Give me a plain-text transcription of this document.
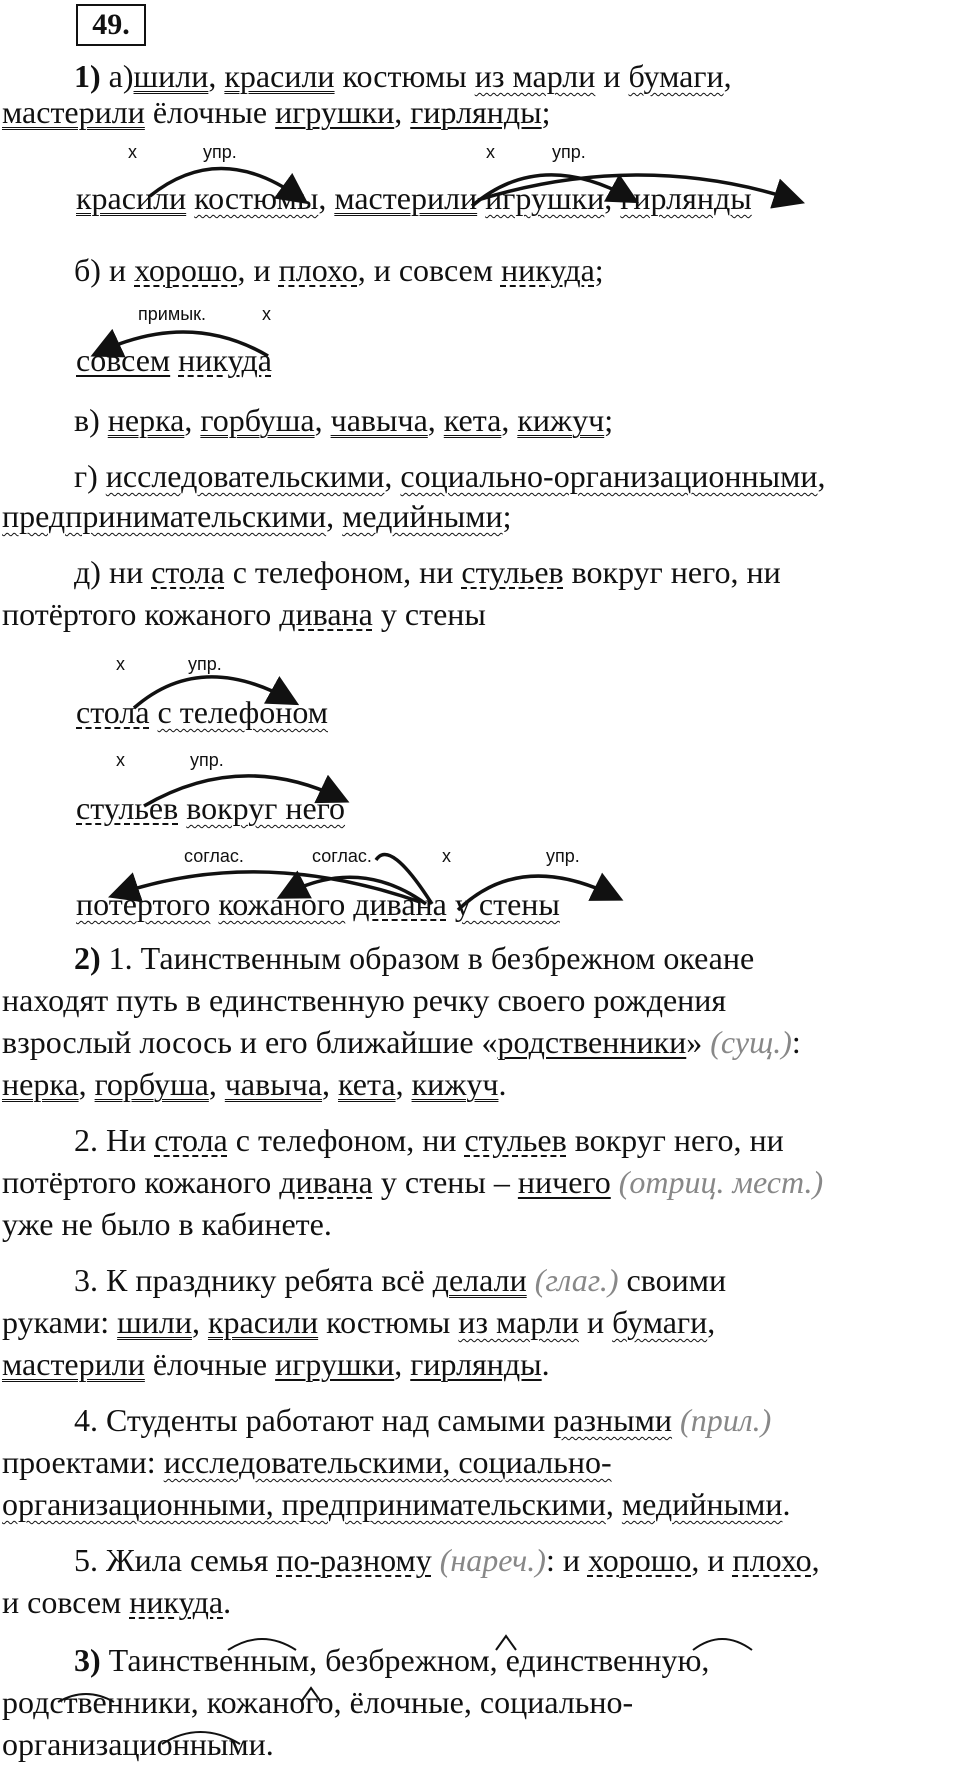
49.
1) а)шили, красили костюмы из марли и бумаги,
мастерили ёлочные игрушки, гирлянды;
красили костюмы, мастерили игрушки, гирлянды
х	упр.	х	упр.
б) и хорошо, и плохо, и совсем никуда;
совсем никуда
примык.	х
в) нерка, горбуша, чавыча, кета, кижуч;
г) исследовательскими, социально-организационными,
предпринимательскими, медийными;
д) ни стола с телефоном, ни стульев вокруг него, ни
потёртого кожаного дивана у стены
стола с телефоном
х	упр.
стульев вокруг него
х	упр.
потёртого кожаного дивана у стены
соглас.	соглас.	х	упр.
2) 1. Таинственным образом в безбрежном океане
находят путь в единственную речку своего рождения
взрослый лосось и его ближайшие «родственники» (сущ.):
нерка, горбуша, чавыча, кета, кижуч.
2. Ни стола с телефоном, ни стульев вокруг него, ни
потёртого кожаного дивана у стены – ничего (отриц. мест.)
уже не было в кабинете.
3. К празднику ребята всё делали (глаг.) своими
руками: шили, красили костюмы из марли и бумаги,
мастерили ёлочные игрушки, гирлянды.
4. Студенты работают над самыми разными (прил.)
проектами: исследовательскими, социально-
организационными, предпринимательскими, медийными.
5. Жила семья по-разному (нареч.): и хорошо, и плохо,
и совсем никуда.
3) Таинственным, безбрежном, единственную,
родственники, кожаного, ёлочные, социально-
организационными.
